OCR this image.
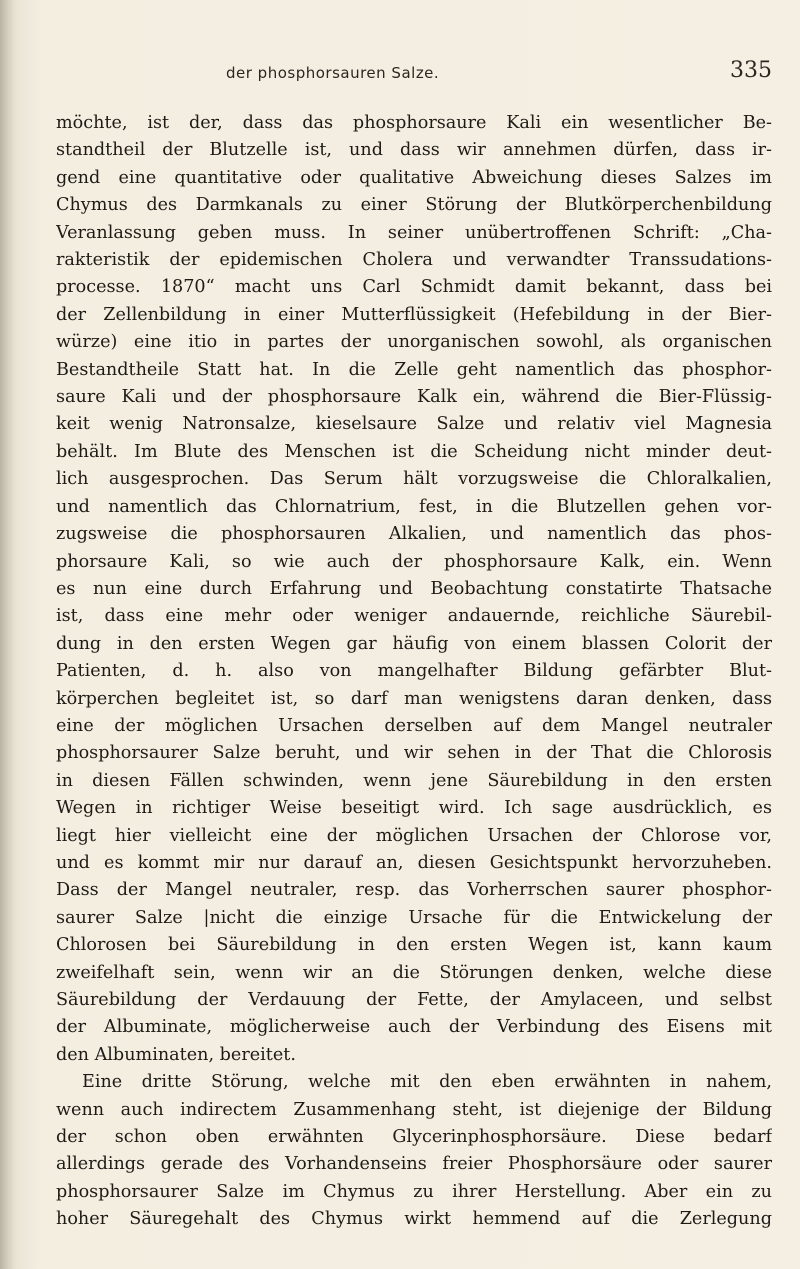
der phosphorsauren Salze.	335

möchte, ist der, dass das phosphorsaure Kali ein wesentlicher Be-

standtheil der Blutzelle ist, und dass wir annehmen dürfen, dass ir-

gend eine quantitative oder qualitative Abweichung dieses Salzes im

Chymus des Darmkanals zu einer Störung der Blutkörperchenbildung

Veranlassung geben muss. In seiner unübertroffenen Schrift: „Cha-

rakteristik der epidemischen Cholera und verwandter Transsudations-

processe. 1870“ macht uns Carl Schmidt damit bekannt, dass bei

der Zellenbildung in einer Mutterflüssigkeit (Hefebildung in der Bier-

würze) eine itio in partes der unorganischen sowohl, als organischen

Bestandtheile Statt hat. In die Zelle geht namentlich das phosphor-

saure Kali und der phosphorsaure Kalk ein, während die Bier-Flüssig-

keit wenig Natronsalze, kieselsaure Salze und relativ viel Magnesia

behält. Im Blute des Menschen ist die Scheidung nicht minder deut-

lich ausgesprochen. Das Serum hält vorzugsweise die Chloralkalien,

und namentlich das Chlornatrium, fest, in die Blutzellen gehen vor-

zugsweise die phosphorsauren Alkalien, und namentlich das phos-

phorsaure Kali, so wie auch der phosphorsaure Kalk, ein. Wenn

es nun eine durch Erfahrung und Beobachtung constatirte Thatsache

ist, dass eine mehr oder weniger andauernde, reichliche Säurebil-

dung in den ersten Wegen gar häufig von einem blassen Colorit der

Patienten, d. h. also von mangelhafter Bildung gefärbter Blut-

körperchen begleitet ist, so darf man wenigstens daran denken, dass

eine der möglichen Ursachen derselben auf dem Mangel neutraler

phosphorsaurer Salze beruht, und wir sehen in der That die Chlorosis

in diesen Fällen schwinden, wenn jene Säurebildung in den ersten

Wegen in richtiger Weise beseitigt wird. Ich sage ausdrücklich, es

liegt hier vielleicht eine der möglichen Ursachen der Chlorose vor,

und es kommt mir nur darauf an, diesen Gesichtspunkt hervorzuheben.

Dass der Mangel neutraler, resp. das Vorherrschen saurer phosphor-

saurer Salze |nicht die einzige Ursache für die Entwickelung der

Chlorosen bei Säurebildung in den ersten Wegen ist, kann kaum

zweifelhaft sein, wenn wir an die Störungen denken, welche diese

Säurebildung der Verdauung der Fette, der Amylaceen, und selbst

der Albuminate, möglicherweise auch der Verbindung des Eisens mit

den Albuminaten, bereitet.

Eine dritte Störung, welche mit den eben erwähnten in nahem,

wenn auch indirectem Zusammenhang steht, ist diejenige der Bildung

der schon oben erwähnten Glycerinphosphorsäure. Diese bedarf

allerdings gerade des Vorhandenseins freier Phosphorsäure oder saurer

phosphorsaurer Salze im Chymus zu ihrer Herstellung. Aber ein zu

hoher Säuregehalt des Chymus wirkt hemmend auf die Zerlegung
